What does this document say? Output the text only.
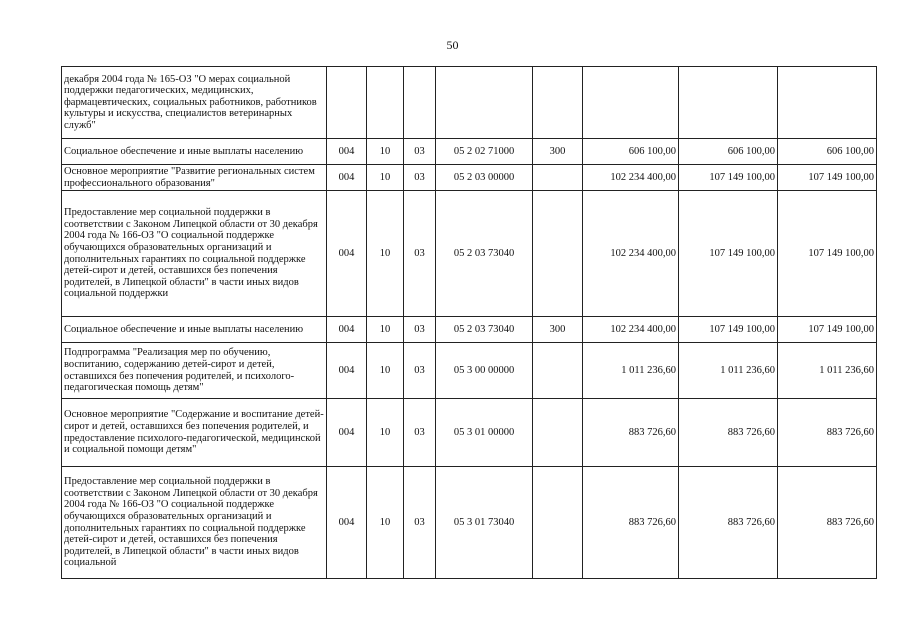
50
декабря 2004 года № 165-ОЗ "О мерах социальной поддержки педагогических, медицинских, фармацевтических, социальных работников, работников культуры и искусства, специалистов ветеринарных служб"								
Социальное обеспечение и иные выплаты населению	004	10	03	05 2 02 71000	300	606 100,00	606 100,00	606 100,00
Основное мероприятие "Развитие региональных систем профессионального образования"	004	10	03	05 2 03 00000		102 234 400,00	107 149 100,00	107 149 100,00
Предоставление мер социальной поддержки в соответствии с Законом Липецкой области от 30 декабря 2004 года № 166-ОЗ "О социальной поддержке обучающихся образовательных организаций и дополнительных гарантиях по социальной поддержке детей-сирот и детей, оставшихся без попечения родителей, в Липецкой области" в части иных видов социальной поддержки	004	10	03	05 2 03 73040		102 234 400,00	107 149 100,00	107 149 100,00
Социальное обеспечение и иные выплаты населению	004	10	03	05 2 03 73040	300	102 234 400,00	107 149 100,00	107 149 100,00
Подпрограмма "Реализация мер по обучению, воспитанию, содержанию детей-сирот и детей, оставшихся без попечения родителей, и психолого-педагогическая помощь детям"	004	10	03	05 3 00 00000		1 011 236,60	1 011 236,60	1 011 236,60
Основное мероприятие "Содержание и воспитание детей-сирот и детей, оставшихся без попечения родителей, и предоставление психолого-педагогической, медицинской и социальной помощи детям"	004	10	03	05 3 01 00000		883 726,60	883 726,60	883 726,60
Предоставление мер социальной поддержки в соответствии с Законом Липецкой области от 30 декабря 2004 года № 166-ОЗ "О социальной поддержке обучающихся образовательных организаций и дополнительных гарантиях по социальной поддержке детей-сирот и детей, оставшихся без попечения родителей, в Липецкой области" в части иных видов социальной	004	10	03	05 3 01 73040		883 726,60	883 726,60	883 726,60
